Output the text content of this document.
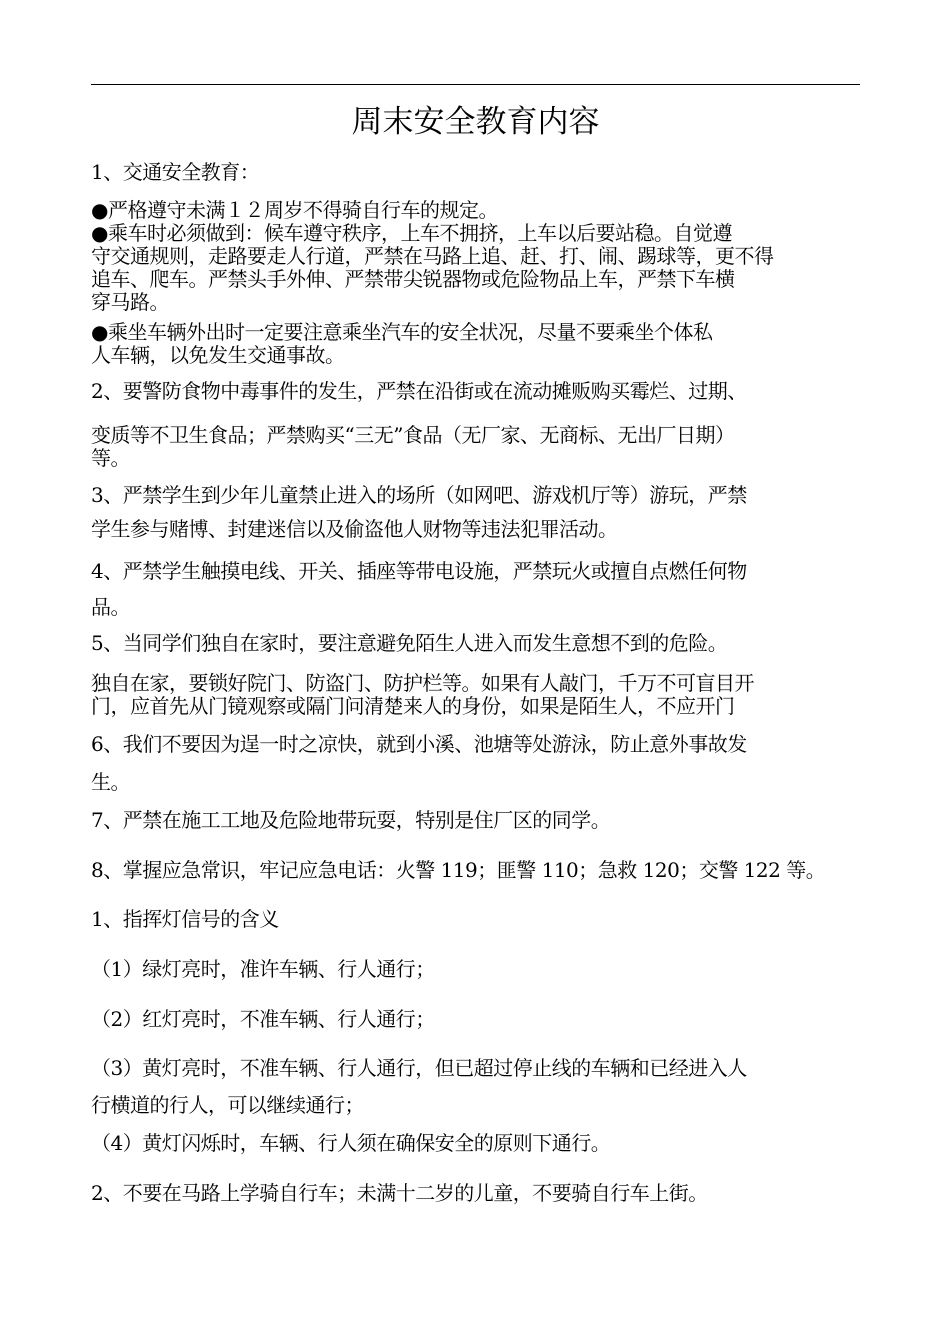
周末安全教育内容
1、交通安全教育：
●严格遵守未满１２周岁不得骑自行车的规定。
●乘车时必须做到：候车遵守秩序，上车不拥挤，上车以后要站稳。自觉遵
守交通规则，走路要走人行道，严禁在马路上追、赶、打、闹、踢球等，更不得
追车、爬车。严禁头手外伸、严禁带尖锐器物或危险物品上车，严禁下车横
穿马路。
●乘坐车辆外出时一定要注意乘坐汽车的安全状况，尽量不要乘坐个体私
人车辆，以免发生交通事故。
2、要警防食物中毒事件的发生，严禁在沿街或在流动摊贩购买霉烂、过期、
变质等不卫生食品；严禁购买“三无”食品（无厂家、无商标、无出厂日期）
等。
3、严禁学生到少年儿童禁止进入的场所（如网吧、游戏机厅等）游玩，严禁
学生参与赌博、封建迷信以及偷盗他人财物等违法犯罪活动。
4、严禁学生触摸电线、开关、插座等带电设施，严禁玩火或擅自点燃任何物
品。
5、当同学们独自在家时，要注意避免陌生人进入而发生意想不到的危险。
独自在家，要锁好院门、防盗门、防护栏等。如果有人敲门，千万不可盲目开
门，应首先从门镜观察或隔门问清楚来人的身份，如果是陌生人，不应开门
6、我们不要因为逞一时之凉快，就到小溪、池塘等处游泳，防止意外事故发
生。
7、严禁在施工工地及危险地带玩耍，特别是住厂区的同学。
8、掌握应急常识，牢记应急电话：火警 119；匪警 110；急救 120；交警 122 等。
1、指挥灯信号的含义
（1）绿灯亮时，准许车辆、行人通行；
（2）红灯亮时，不准车辆、行人通行；
（3）黄灯亮时，不准车辆、行人通行，但已超过停止线的车辆和已经进入人
行横道的行人，可以继续通行；
（4）黄灯闪烁时，车辆、行人须在确保安全的原则下通行。
2、不要在马路上学骑自行车；未满十二岁的儿童，不要骑自行车上街。
